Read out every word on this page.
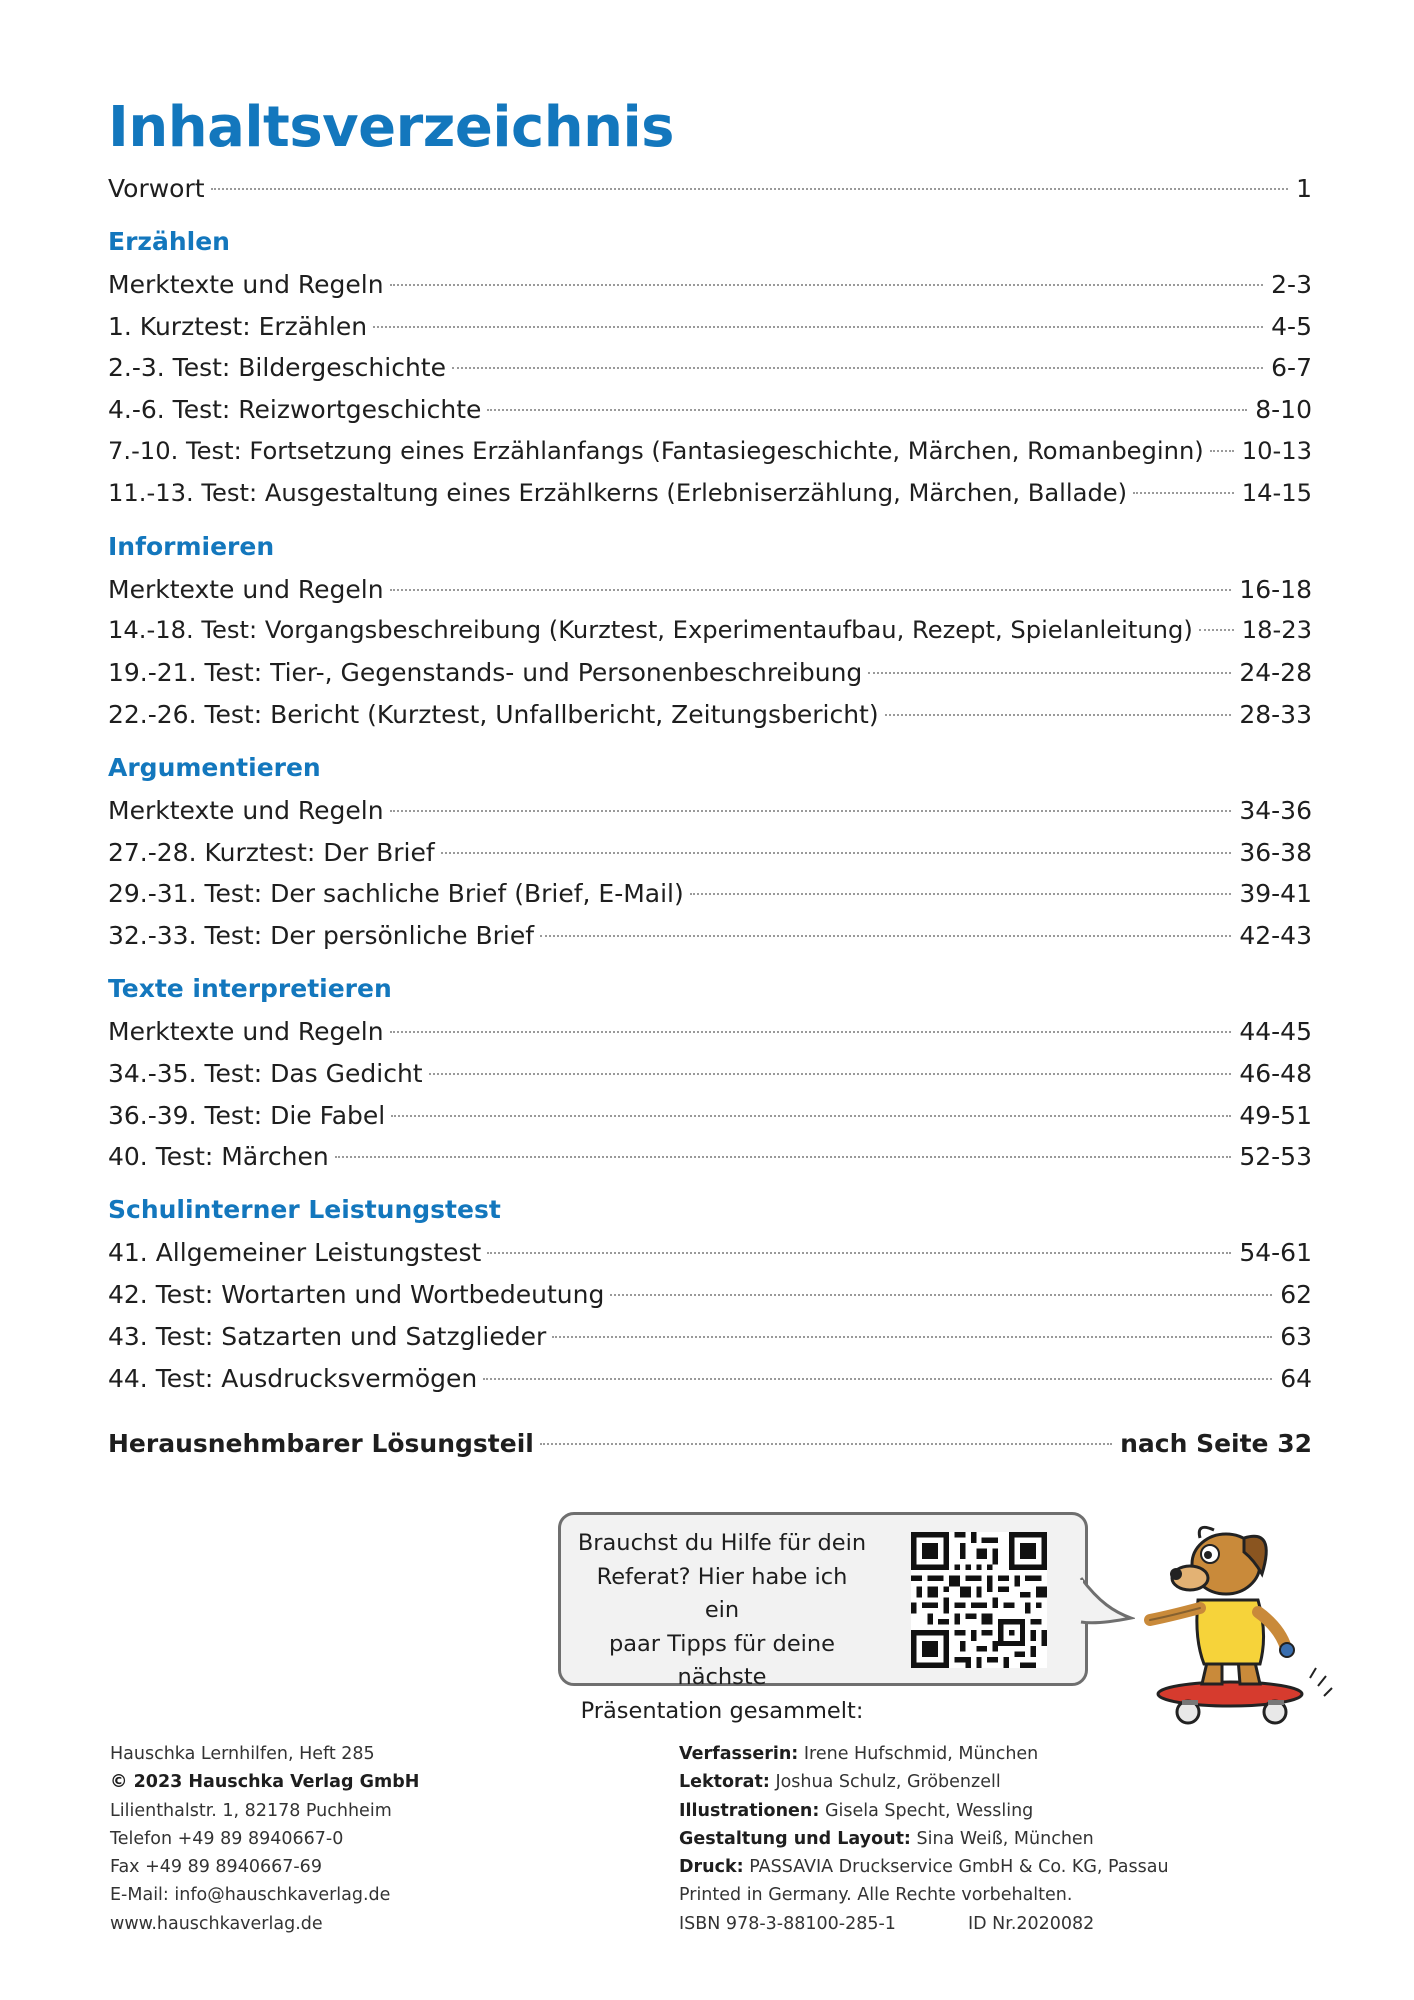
Inhaltsverzeichnis
Vorwort	1
Erzählen
Merktexte und Regeln	2-3
1. Kurztest: Erzählen	4-5
2.-3. Test: Bildergeschichte	6-7
4.-6. Test: Reizwortgeschichte	8-10
7.-10. Test: Fortsetzung eines Erzählanfangs (Fantasiegeschichte, Märchen, Romanbeginn) 10-13
11.-13. Test: Ausgestaltung eines Erzählkerns (Erlebniserzählung, Märchen, Ballade)	14-15
Informieren
Merktexte und Regeln	16-18
14.-18. Test: Vorgangsbeschreibung (Kurztest, Experimentaufbau, Rezept, Spielanleitung) 18-23
19.-21. Test: Tier-, Gegenstands- und Personenbeschreibung	24-28
22.-26. Test: Bericht (Kurztest, Unfallbericht, Zeitungsbericht)	28-33
Argumentieren
Merktexte und Regeln	34-36
27.-28. Kurztest: Der Brief	36-38
29.-31. Test: Der sachliche Brief (Brief, E-Mail)	39-41
32.-33. Test: Der persönliche Brief	42-43
Texte interpretieren
Merktexte und Regeln	44-45
34.-35. Test: Das Gedicht	46-48
36.-39. Test: Die Fabel	49-51
40. Test: Märchen	52-53
Schulinterner Leistungstest
41. Allgemeiner Leistungstest	54-61
42. Test: Wortarten und Wortbedeutung	62
43. Test: Satzarten und Satzglieder	63
44. Test: Ausdrucksvermögen	64
Herausnehmbarer Lösungsteil	nach Seite 32
Brauchst du Hilfe für dein
Referat? Hier habe ich ein
paar Tipps für deine nächste
Präsentation gesammelt:
Hauschka Lernhilfen, Heft 285
© 2023 Hauschka Verlag GmbH
Lilienthalstr. 1, 82178 Puchheim
Telefon +49 89 8940667-0
Fax +49 89 8940667-69
E-Mail: info@hauschkaverlag.de
www.hauschkaverlag.de
Verfasserin: Irene Hufschmid, München
Lektorat: Joshua Schulz, Gröbenzell
Illustrationen: Gisela Specht, Wessling
Gestaltung und Layout: Sina Weiß, München
Druck: PASSAVIA Druckservice GmbH & Co. KG, Passau
Printed in Germany. Alle Rechte vorbehalten.
ISBN 978-3-88100-285-1	ID Nr.2020082
